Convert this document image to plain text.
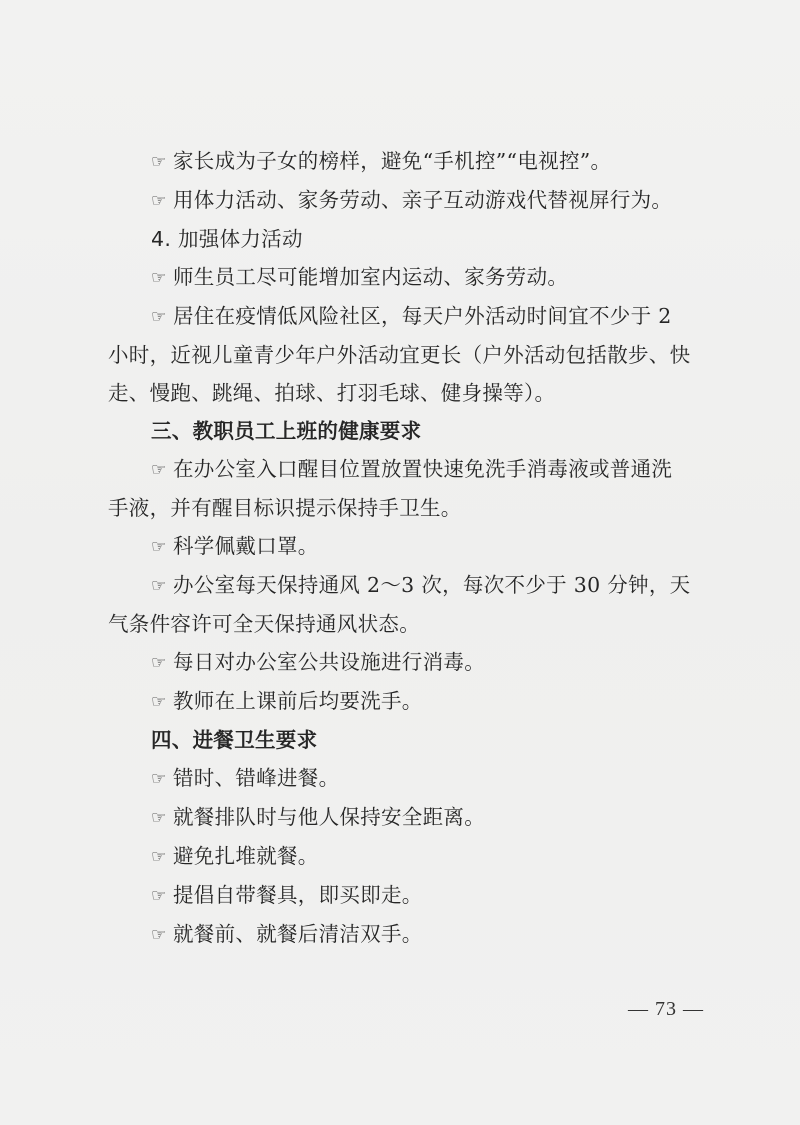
☞ 家长成为子女的榜样，避免“手机控”“电视控”。
☞ 用体力活动、家务劳动、亲子互动游戏代替视屏行为。
4. 加强体力活动
☞ 师生员工尽可能增加室内运动、家务劳动。
☞ 居住在疫情低风险社区，每天户外活动时间宜不少于 2
小时，近视儿童青少年户外活动宜更长（户外活动包括散步、快
走、慢跑、跳绳、拍球、打羽毛球、健身操等）。
三、教职员工上班的健康要求
☞ 在办公室入口醒目位置放置快速免洗手消毒液或普通洗
手液，并有醒目标识提示保持手卫生。
☞ 科学佩戴口罩。
☞ 办公室每天保持通风 2～3 次，每次不少于 30 分钟，天
气条件容许可全天保持通风状态。
☞ 每日对办公室公共设施进行消毒。
☞ 教师在上课前后均要洗手。
四、进餐卫生要求
☞ 错时、错峰进餐。
☞ 就餐排队时与他人保持安全距离。
☞ 避免扎堆就餐。
☞ 提倡自带餐具，即买即走。
☞ 就餐前、就餐后清洁双手。
— 73 —
